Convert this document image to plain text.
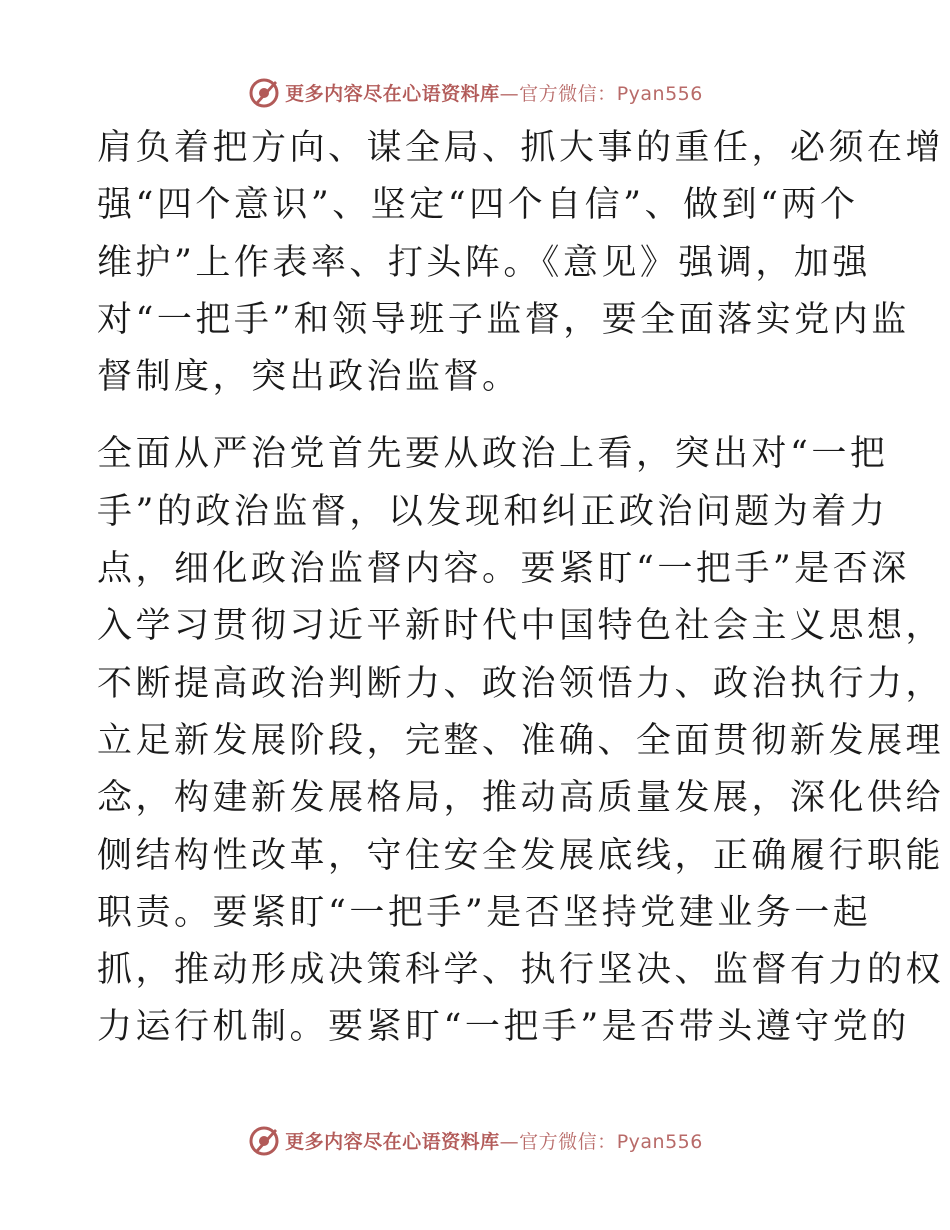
更多内容尽在心语资料库—官方微信：Pyan556
肩负着把方向、谋全局、抓大事的重任，必须在增
强“四个意识”、坚定“四个自信”、做到“两个
维护”上作表率、打头阵。《意见》强调，加强
对“一把手”和领导班子监督，要全面落实党内监
督制度，突出政治监督。
全面从严治党首先要从政治上看，突出对“一把
手”的政治监督，以发现和纠正政治问题为着力
点，细化政治监督内容。要紧盯“一把手”是否深
入学习贯彻习近平新时代中国特色社会主义思想，
不断提高政治判断力、政治领悟力、政治执行力，
立足新发展阶段，完整、准确、全面贯彻新发展理
念，构建新发展格局，推动高质量发展，深化供给
侧结构性改革，守住安全发展底线，正确履行职能
职责。要紧盯“一把手”是否坚持党建业务一起
抓，推动形成决策科学、执行坚决、监督有力的权
力运行机制。要紧盯“一把手”是否带头遵守党的
更多内容尽在心语资料库—官方微信：Pyan556
